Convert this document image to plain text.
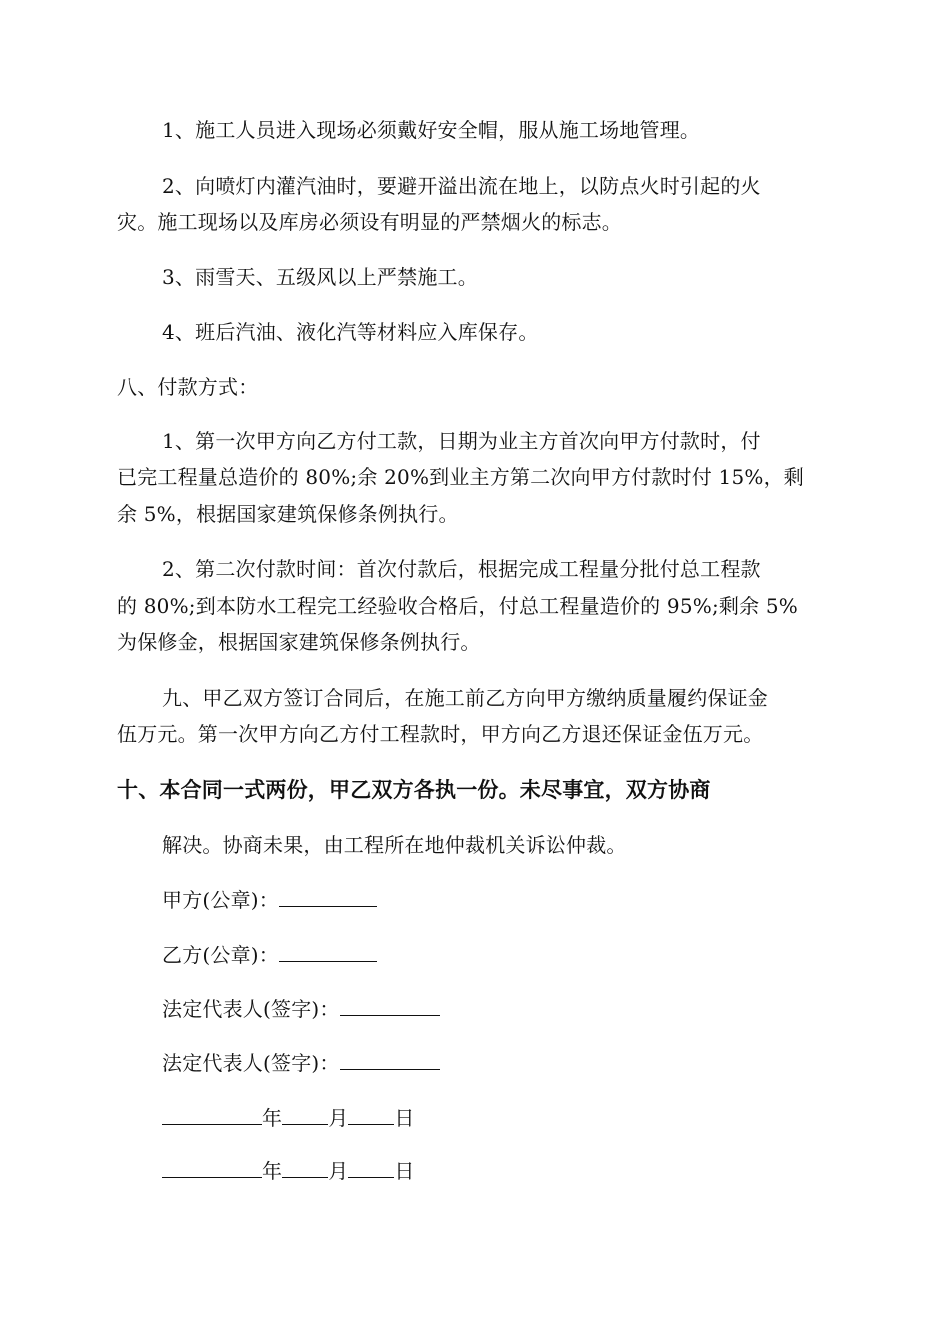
1、施工人员进入现场必须戴好安全帽，服从施工场地管理。
2、向喷灯内灌汽油时，要避开溢出流在地上，以防点火时引起的火
灾。施工现场以及库房必须设有明显的严禁烟火的标志。
3、雨雪天、五级风以上严禁施工。
4、班后汽油、液化汽等材料应入库保存。
八、付款方式：
1、第一次甲方向乙方付工款，日期为业主方首次向甲方付款时，付
已完工程量总造价的 80%;余 20%到业主方第二次向甲方付款时付 15%，剩
余 5%，根据国家建筑保修条例执行。
2、第二次付款时间：首次付款后，根据完成工程量分批付总工程款
的 80%;到本防水工程完工经验收合格后，付总工程量造价的 95%;剩余 5%
为保修金，根据国家建筑保修条例执行。
九、甲乙双方签订合同后，在施工前乙方向甲方缴纳质量履约保证金
伍万元。第一次甲方向乙方付工程款时，甲方向乙方退还保证金伍万元。
十、本合同一式两份，甲乙双方各执一份。未尽事宜，双方协商
解决。协商未果，由工程所在地仲裁机关诉讼仲裁。
甲方(公章)：
乙方(公章)：
法定代表人(签字)：
法定代表人(签字)：
年 月 日
年 月 日
